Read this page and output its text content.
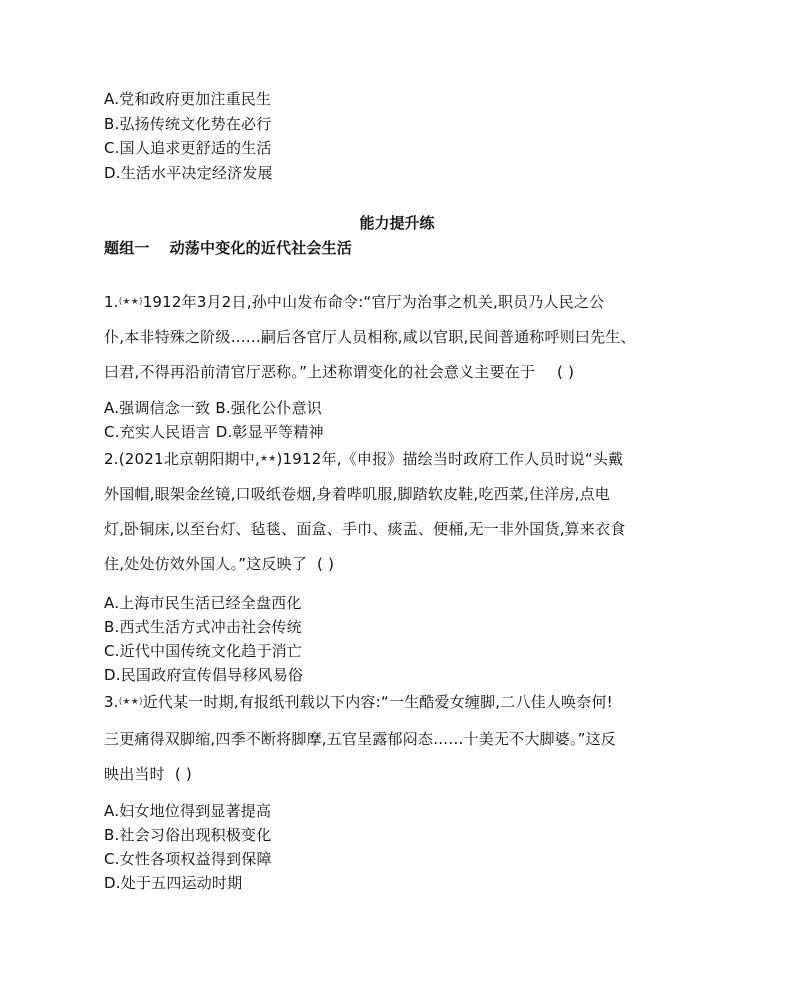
A.党和政府更加注重民生
B.弘扬传统文化势在必行
C.国人追求更舒适的生活
D.生活水平决定经济发展
能力提升练
题组一 动荡中变化的近代社会生活
1.(★★)1912年3月2日,孙中山发布命令:“官厅为治事之机关,职员乃人民之公
仆,本非特殊之阶级……嗣后各官厅人员相称,咸以官职,民间普通称呼则曰先生、
曰君,不得再沿前清官厅恶称。”上述称谓变化的社会意义主要在于 ( )
A.强调信念一致 B.强化公仆意识
C.充实人民语言 D.彰显平等精神
2.(2021北京朝阳期中,★★)1912年,《申报》描绘当时政府工作人员时说“头戴
外国帽,眼架金丝镜,口吸纸卷烟,身着哔叽服,脚踏软皮鞋,吃西菜,住洋房,点电
灯,卧铜床,以至台灯、毡毯、面盒、手巾、痰盂、便桶,无一非外国货,算来衣食
住,处处仿效外国人。”这反映了 ( )
A.上海市民生活已经全盘西化
B.西式生活方式冲击社会传统
C.近代中国传统文化趋于消亡
D.民国政府宣传倡导移风易俗
3.(★★)近代某一时期,有报纸刊载以下内容:“一生酷爱女缠脚,二八佳人唤奈何!
三更痛得双脚缩,四季不断将脚摩,五官呈露郁闷态……十美无不大脚婆。”这反
映出当时 ( )
A.妇女地位得到显著提高
B.社会习俗出现积极变化
C.女性各项权益得到保障
D.处于五四运动时期
